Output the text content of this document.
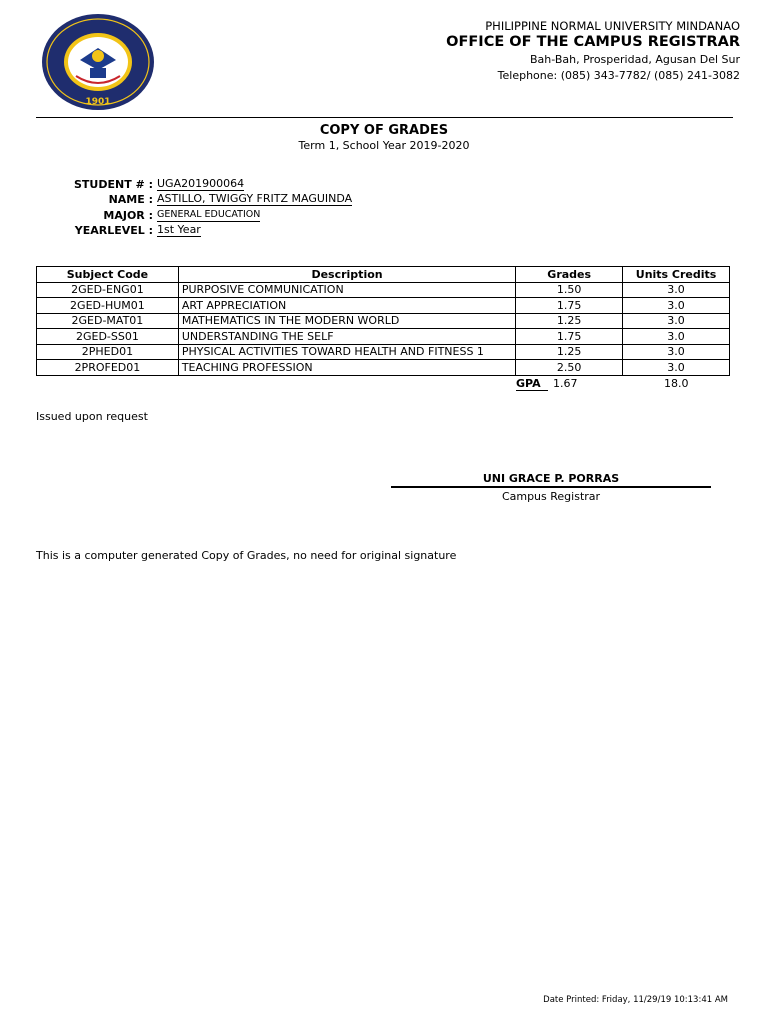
1901
PHILIPPINE NORMAL UNIVERSITY MINDANAO
OFFICE OF THE CAMPUS REGISTRAR
Bah-Bah, Prosperidad, Agusan Del Sur
Telephone: (085) 343-7782/ (085) 241-3082
COPY OF GRADES
Term 1, School Year 2019-2020
STUDENT # : UGA201900064
NAME : ASTILLO, TWIGGY FRITZ MAGUINDA
MAJOR : GENERAL EDUCATION
YEARLEVEL : 1st Year
Subject Code	Description	Grades	Units Credits
2GED-ENG01	PURPOSIVE COMMUNICATION	1.50	3.0
2GED-HUM01	ART APPRECIATION	1.75	3.0
2GED-MAT01	MATHEMATICS IN THE MODERN WORLD	1.25	3.0
2GED-SS01	UNDERSTANDING THE SELF	1.75	3.0
2PHED01	PHYSICAL ACTIVITIES TOWARD HEALTH AND FITNESS 1	1.25	3.0
2PROFED01	TEACHING PROFESSION	2.50	3.0
GPA	1.67	18.0
Issued upon request
UNI GRACE P. PORRAS
Campus Registrar
This is a computer generated Copy of Grades, no need for original signature
Date Printed: Friday, 11/29/19 10:13:41 AM
